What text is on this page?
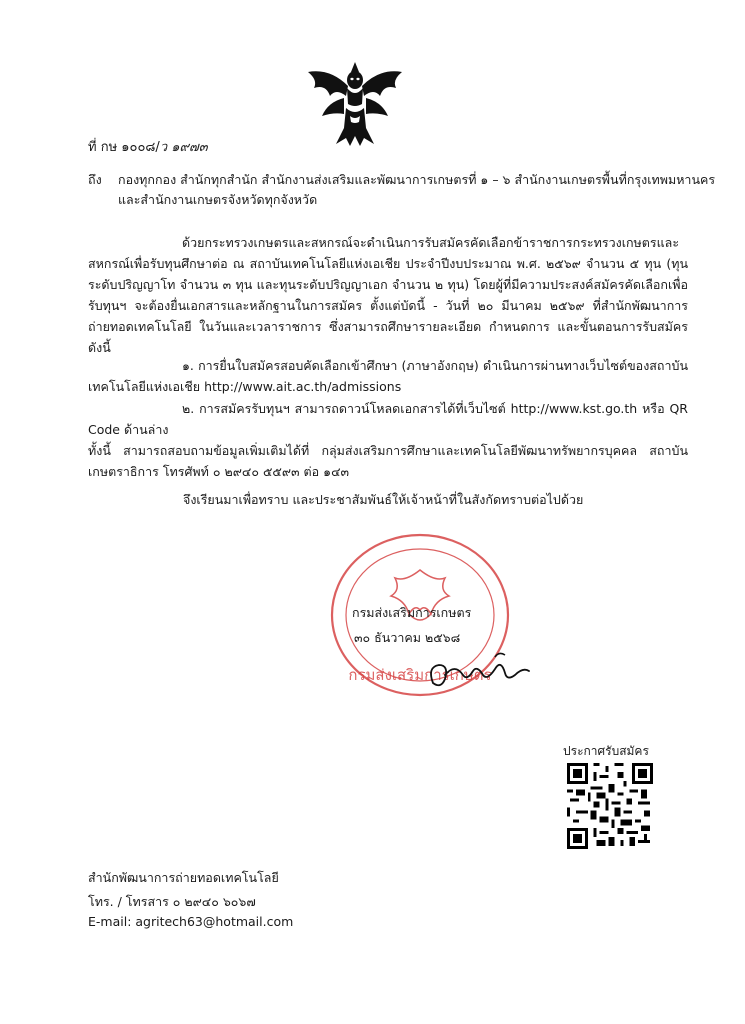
ที่ กษ ๑๐๐๘/ว ๑๙๗๓
ถึง กองทุกกอง สำนักทุกสำนัก สำนักงานส่งเสริมและพัฒนาการเกษตรที่ ๑ – ๖ สำนักงานเกษตรพื้นที่กรุงเทพมหานคร และสำนักงานเกษตรจังหวัดทุกจังหวัด
ด้วยกระทรวงเกษตรและสหกรณ์จะดำเนินการรับสมัครคัดเลือกข้าราชการกระทรวงเกษตรและสหกรณ์เพื่อรับทุนศึกษาต่อ ณ สถาบันเทคโนโลยีแห่งเอเชีย ประจำปีงบประมาณ พ.ศ. ๒๕๖๙ จำนวน ๕ ทุน (ทุนระดับปริญญาโท จำนวน ๓ ทุน และทุนระดับปริญญาเอก จำนวน ๒ ทุน) โดยผู้ที่มีความประสงค์สมัครคัดเลือกเพื่อรับทุนฯ จะต้องยื่นเอกสารและหลักฐานในการสมัคร ตั้งแต่บัดนี้ - วันที่ ๒๐ มีนาคม ๒๕๖๙ ที่สำนักพัฒนาการถ่ายทอดเทคโนโลยี ในวันและเวลาราชการ ซึ่งสามารถศึกษารายละเอียด กำหนดการ และขั้นตอนการรับสมัคร ดังนี้
๑. การยื่นใบสมัครสอบคัดเลือกเข้าศึกษา (ภาษาอังกฤษ) ดำเนินการผ่านทางเว็บไซต์ของสถาบันเทคโนโลยีแห่งเอเชีย http://www.ait.ac.th/admissions
๒. การสมัครรับทุนฯ สามารถดาวน์โหลดเอกสารได้ที่เว็บไซต์ http://www.kst.go.th หรือ QR Code ด้านล่าง
ทั้งนี้ สามารถสอบถามข้อมูลเพิ่มเติมได้ที่ กลุ่มส่งเสริมการศึกษาและเทคโนโลยีพัฒนาทรัพยากรบุคคล สถาบันเกษตราธิการ โทรศัพท์ ๐ ๒๙๔๐ ๕๕๙๓ ต่อ ๑๔๓
จึงเรียนมาเพื่อทราบ และประชาสัมพันธ์ให้เจ้าหน้าที่ในสังกัดทราบต่อไปด้วย
กรมส่งเสริมการเกษตร
กรมส่งเสริมการเกษตร
๓๐ ธันวาคม ๒๕๖๘
ประกาศรับสมัคร
สำนักพัฒนาการถ่ายทอดเทคโนโลยี
โทร. / โทรสาร ๐ ๒๙๔๐ ๖๐๖๗
E-mail: agritech63@hotmail.com
